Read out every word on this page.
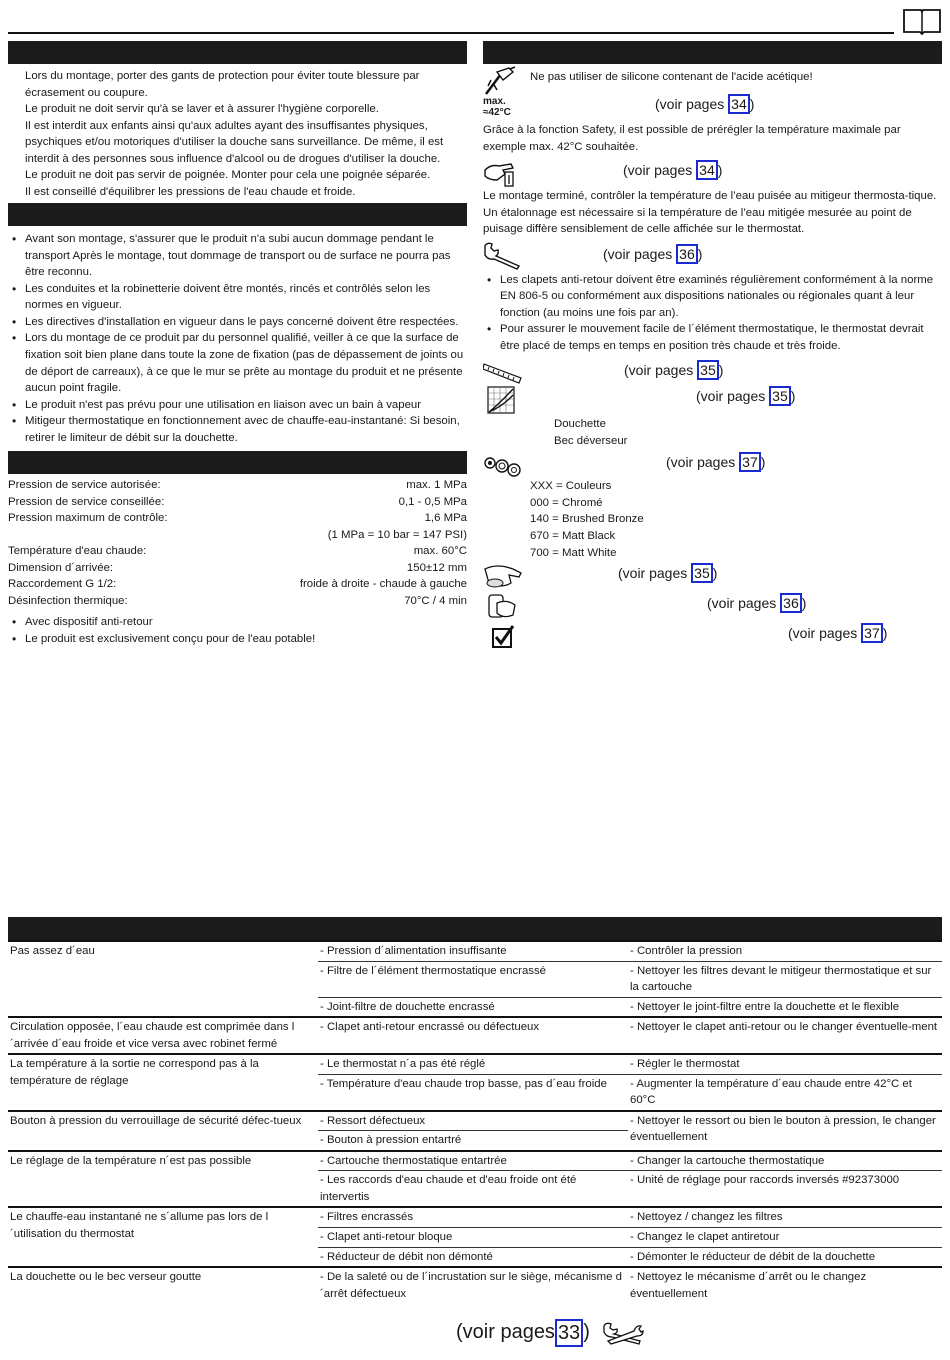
Lors du montage, porter des gants de protection pour éviter toute blessure par écrasement ou coupure.

Le produit ne doit servir qu'à se laver et à assurer l'hygiène corporelle.

Il est interdit aux enfants ainsi qu'aux adultes ayant des insuffisantes physiques, psychiques et/ou motoriques d'utiliser la douche sans surveillance. De même, il est interdit à des personnes sous influence d'alcool ou de drogues d'utiliser la douche.

Le produit ne doit pas servir de poignée. Monter pour cela une poignée séparée.

Il est conseillé d'équilibrer les pressions de l'eau chaude et froide.

• Avant son montage, s'assurer que le produit n'a subi aucun dommage pendant le transport Après le montage, tout dommage de transport ou de surface ne pourra pas être reconnu.
• Les conduites et la robinetterie doivent être montés, rincés et contrôlés selon les normes en vigueur.
• Les directives d'installation en vigueur dans le pays concerné doivent être respectées.
• Lors du montage de ce produit par du personnel qualifié, veiller à ce que la surface de fixation soit bien plane dans toute la zone de fixation (pas de dépassement de joints ou de déport de carreaux), à ce que le mur se prête au montage du produit et ne présente aucun point fragile.
• Le produit n'est pas prévu pour une utilisation en liaison avec un bain à vapeur
• Mitigeur thermostatique en fonctionnement avec de chauffe-eau-instantané: Si besoin, retirer le limiteur de débit sur la douchette.
Pression de service autorisée:	max. 1 MPa
Pression de service conseillée:	0,1 - 0,5 MPa
Pression maximum de contrôle:	1,6 MPa
(1 MPa = 10 bar = 147 PSI)
Température d'eau chaude:	max. 60°C
Dimension d´arrivée:	150±12 mm
Raccordement G 1/2:	froide à droite - chaude à gauche
Désinfection thermique:	70°C / 4 min
• Avec dispositif anti-retour
• Le produit est exclusivement conçu pour de l'eau potable!
Ne pas utiliser de silicone contenant de l'acide acétique!
max.
≈42°C
(voir pages 34 )
Grâce à la fonction Safety, il est possible de prérégler la température maximale par exemple max. 42°C souhaitée.
(voir pages 34 )
Le montage terminé, contrôler la température de l’eau puisée au mitigeur thermosta-tique. Un étalonnage est nécessaire si la température de l’eau mitigée mesurée au point de puisage diffère sensiblement de celle affichée sur le thermostat.
(voir pages 36 )
• Les clapets anti-retour doivent être examinés régulièrement conformément à la norme EN 806-5 ou conformément aux dispositions nationales ou régionales quant à leur fonction (au moins une fois par an).
• Pour assurer le mouvement facile de l´élément thermostatique, le thermostat devrait être placé de temps en temps en position très chaude et très froide.
(voir pages 35 )
(voir pages 35 )
Douchette
Bec déverseur
(voir pages 37 )
XXX = Couleurs
000 = Chromé
140 = Brushed Bronze
670 = Matt Black
700 = Matt White
(voir pages 35 )
(voir pages 36 )
(voir pages 37 )
Pas assez d´eau	- Pression d´alimentation insuffisante	- Contrôler la pression
	- Filtre de l´élément thermostatique encrassé	- Nettoyer les filtres devant le mitigeur thermostatique et sur la cartouche
	- Joint-filtre de douchette encrassé	- Nettoyer le joint-filtre entre la douchette et le flexible
Circulation opposée, l´eau chaude est comprimée dans l´arrivée d´eau froide et vice versa avec robinet fermé	- Clapet anti-retour encrassé ou défectueux	- Nettoyer le clapet anti-retour ou le changer éventuelle-ment
La température à la sortie ne correspond pas à la température de réglage	- Le thermostat n´a pas été réglé	- Régler le thermostat
	- Température d'eau chaude trop basse, pas d´eau froide	- Augmenter la température d´eau chaude entre 42°C et 60°C
Bouton à pression du verrouillage de sécurité défec-tueux	- Ressort défectueux	- Nettoyer le ressort ou bien le bouton à pression, le changer éventuellement
	- Bouton à pression entartré	
Le réglage de la température n´est pas possible	- Cartouche thermostatique entartrée	- Changer la cartouche thermostatique
	- Les raccords d'eau chaude et d'eau froide ont été intervertis	- Unité de réglage pour raccords inversés #92373000
Le chauffe-eau instantané ne s´allume pas lors de l´utilisation du thermostat	- Filtres encrassés	- Nettoyez / changez les filtres
	- Clapet anti-retour bloque	- Changez le clapet antiretour
	- Réducteur de débit non démonté	- Démonter le réducteur de débit de la douchette
La douchette ou le bec verseur goutte	- De la saleté ou de l´incrustation sur le siège, mécanisme d´arrêt défectueux	- Nettoyez le mécanisme d´arrêt ou le changez éventuellement
(voir pages 33 )
